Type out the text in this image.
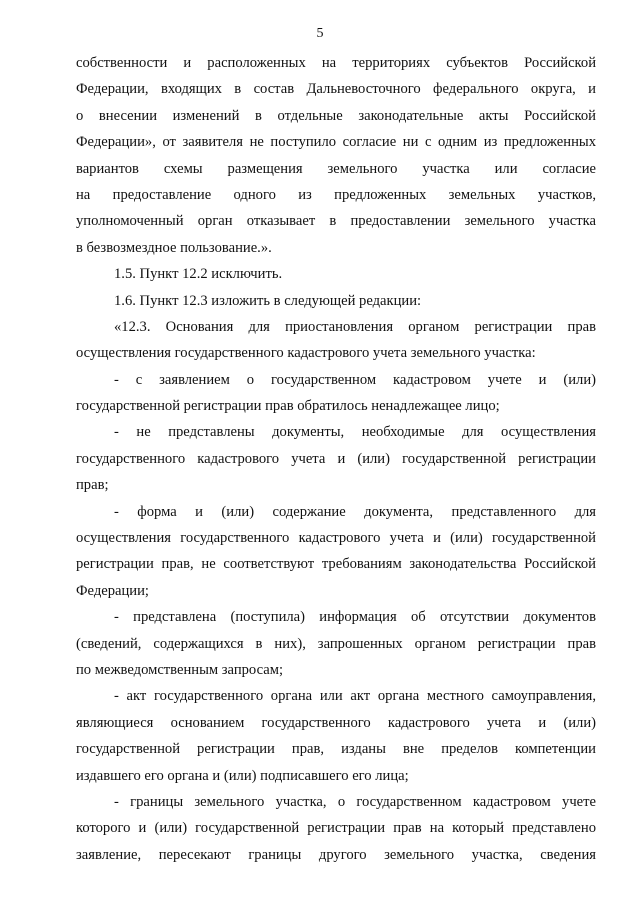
5
собственности и расположенных на территориях субъектов Российской
Федерации, входящих в состав Дальневосточного федерального округа, и
о внесении изменений в отдельные законодательные акты Российской
Федерации», от заявителя не поступило согласие ни с одним из предложенных
вариантов схемы размещения земельного участка или согласие
на предоставление одного из предложенных земельных участков,
уполномоченный орган отказывает в предоставлении земельного участка
в безвозмездное пользование.».
1.5. Пункт 12.2 исключить.
1.6. Пункт 12.3 изложить в следующей редакции:
«12.3. Основания для приостановления органом регистрации прав
осуществления государственного кадастрового учета земельного участка:
- с заявлением о государственном кадастровом учете и (или)
государственной регистрации прав обратилось ненадлежащее лицо;
- не представлены документы, необходимые для осуществления
государственного кадастрового учета и (или) государственной регистрации
прав;
- форма и (или) содержание документа, представленного для
осуществления государственного кадастрового учета и (или) государственной
регистрации прав, не соответствуют требованиям законодательства Российской
Федерации;
- представлена (поступила) информация об отсутствии документов
(сведений, содержащихся в них), запрошенных органом регистрации прав
по межведомственным запросам;
- акт государственного органа или акт органа местного самоуправления,
являющиеся основанием государственного кадастрового учета и (или)
государственной регистрации прав, изданы вне пределов компетенции
издавшего его органа и (или) подписавшего его лица;
- границы земельного участка, о государственном кадастровом учете
которого и (или) государственной регистрации прав на который представлено
заявление, пересекают границы другого земельного участка, сведения
